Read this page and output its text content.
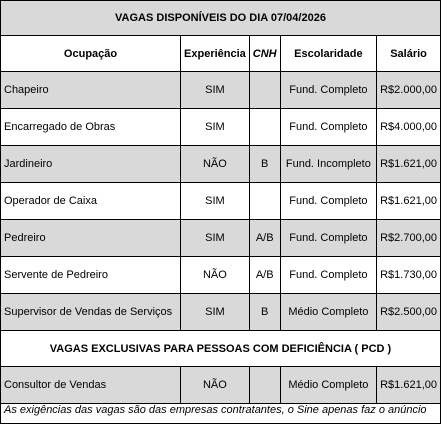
VAGAS DISPONÍVEIS DO DIA 07/04/2026				
Ocupação	Experiência	CNH	Escolaridade	Salário
Chapeiro	SIM		Fund. Completo	R$2.000,00
Encarregado de Obras	SIM		Fund. Completo	R$4.000,00
Jardineiro	NÃO	B	Fund. Incompleto	R$1.621,00
Operador de Caixa	SIM		Fund. Completo	R$1.621,00
Pedreiro	SIM	A/B	Fund. Completo	R$2.700,00
Servente de Pedreiro	NÃO	A/B	Fund. Completo	R$1.730,00
Supervisor de Vendas de Serviços	SIM	B	Médio Completo	R$2.500,00
VAGAS EXCLUSIVAS PARA PESSOAS COM DEFICIÊNCIA ( PCD )				
Consultor de Vendas	NÃO		Médio Completo	R$1.621,00
As exigências das vagas são das empresas contratantes, o Sine apenas faz o anúncio				
